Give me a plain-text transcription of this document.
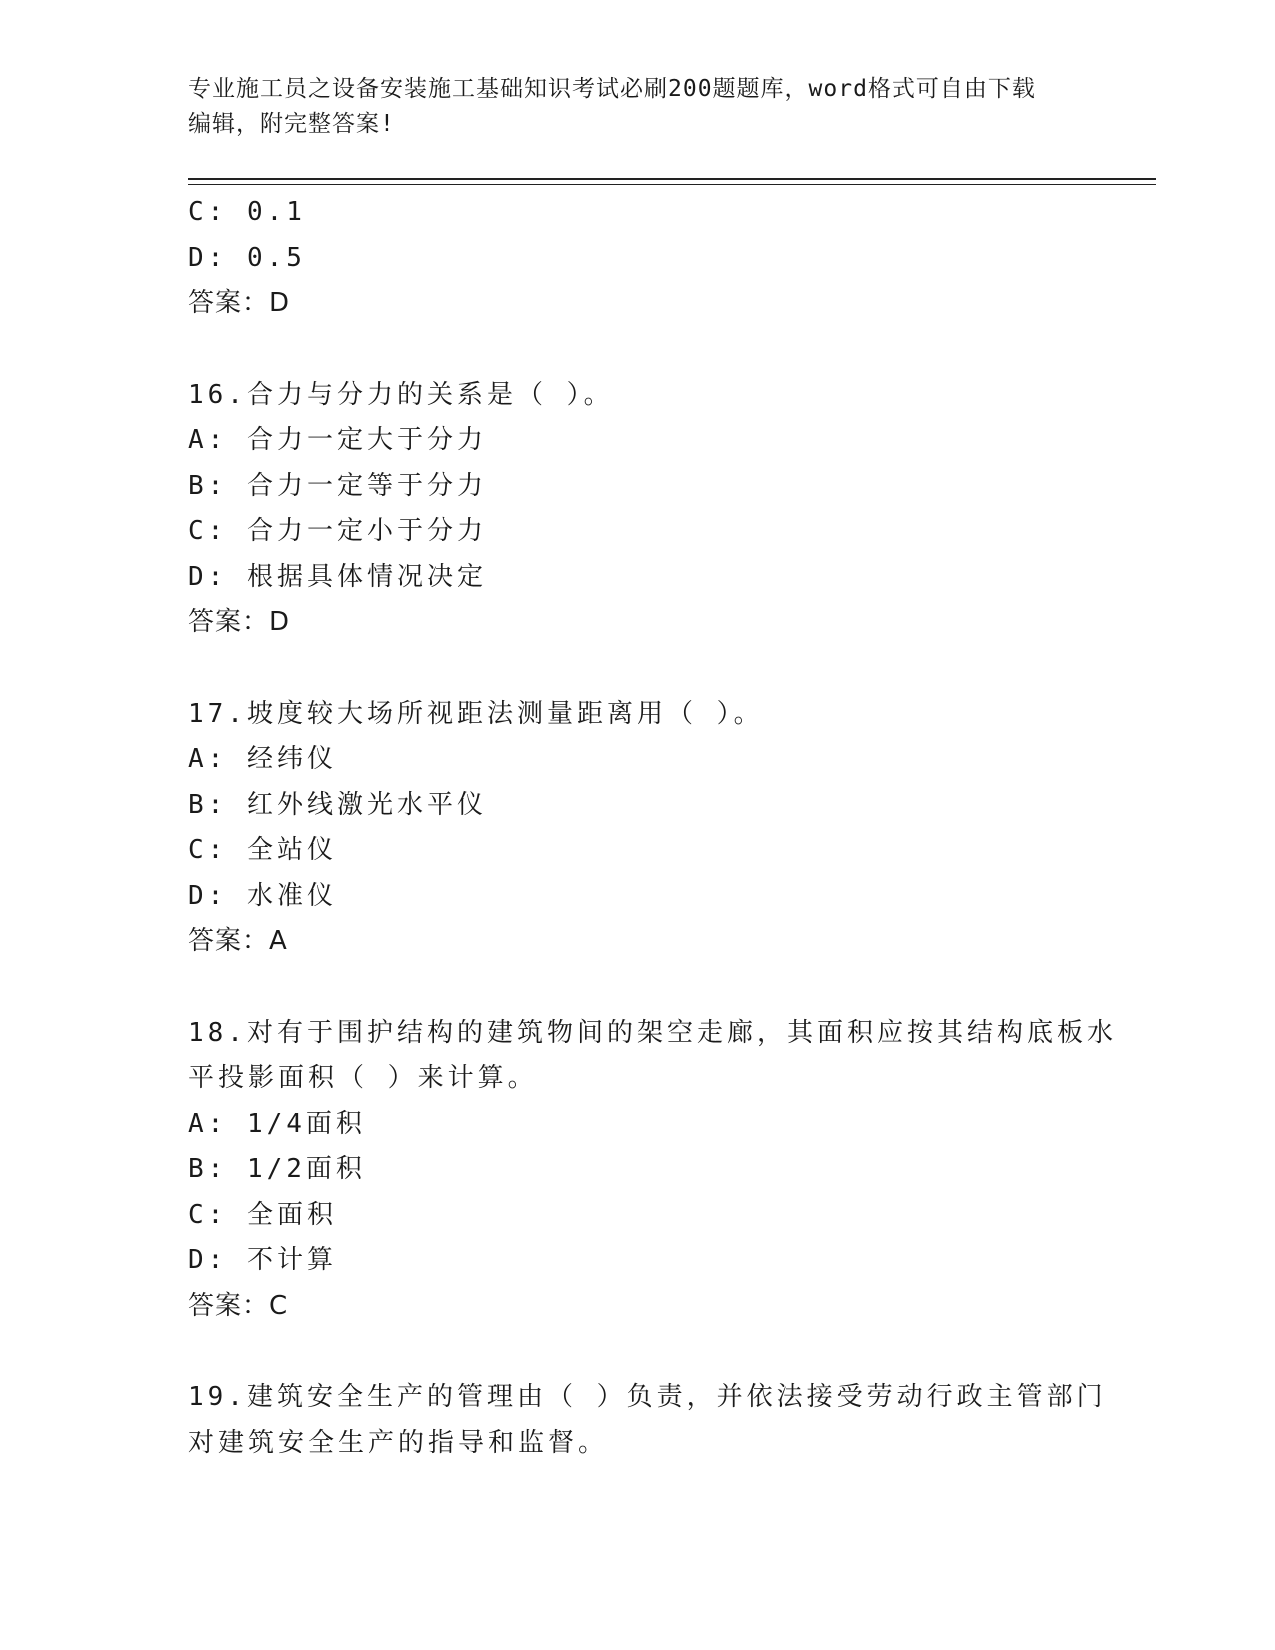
专业施工员之设备安装施工基础知识考试必刷200题题库，word格式可自由下载
编辑，附完整答案!
C: 0.1
D: 0.5
答案：D
16.合力与分力的关系是（ ）。
A: 合力一定大于分力
B: 合力一定等于分力
C: 合力一定小于分力
D: 根据具体情况决定
答案：D
17.坡度较大场所视距法测量距离用（ ）。
A: 经纬仪
B: 红外线激光水平仪
C: 全站仪
D: 水准仪
答案：A
18.对有于围护结构的建筑物间的架空走廊，其面积应按其结构底板水
平投影面积（ ）来计算。
A: 1/4面积
B: 1/2面积
C: 全面积
D: 不计算
答案：C
19.建筑安全生产的管理由（ ）负责，并依法接受劳动行政主管部门
对建筑安全生产的指导和监督。
